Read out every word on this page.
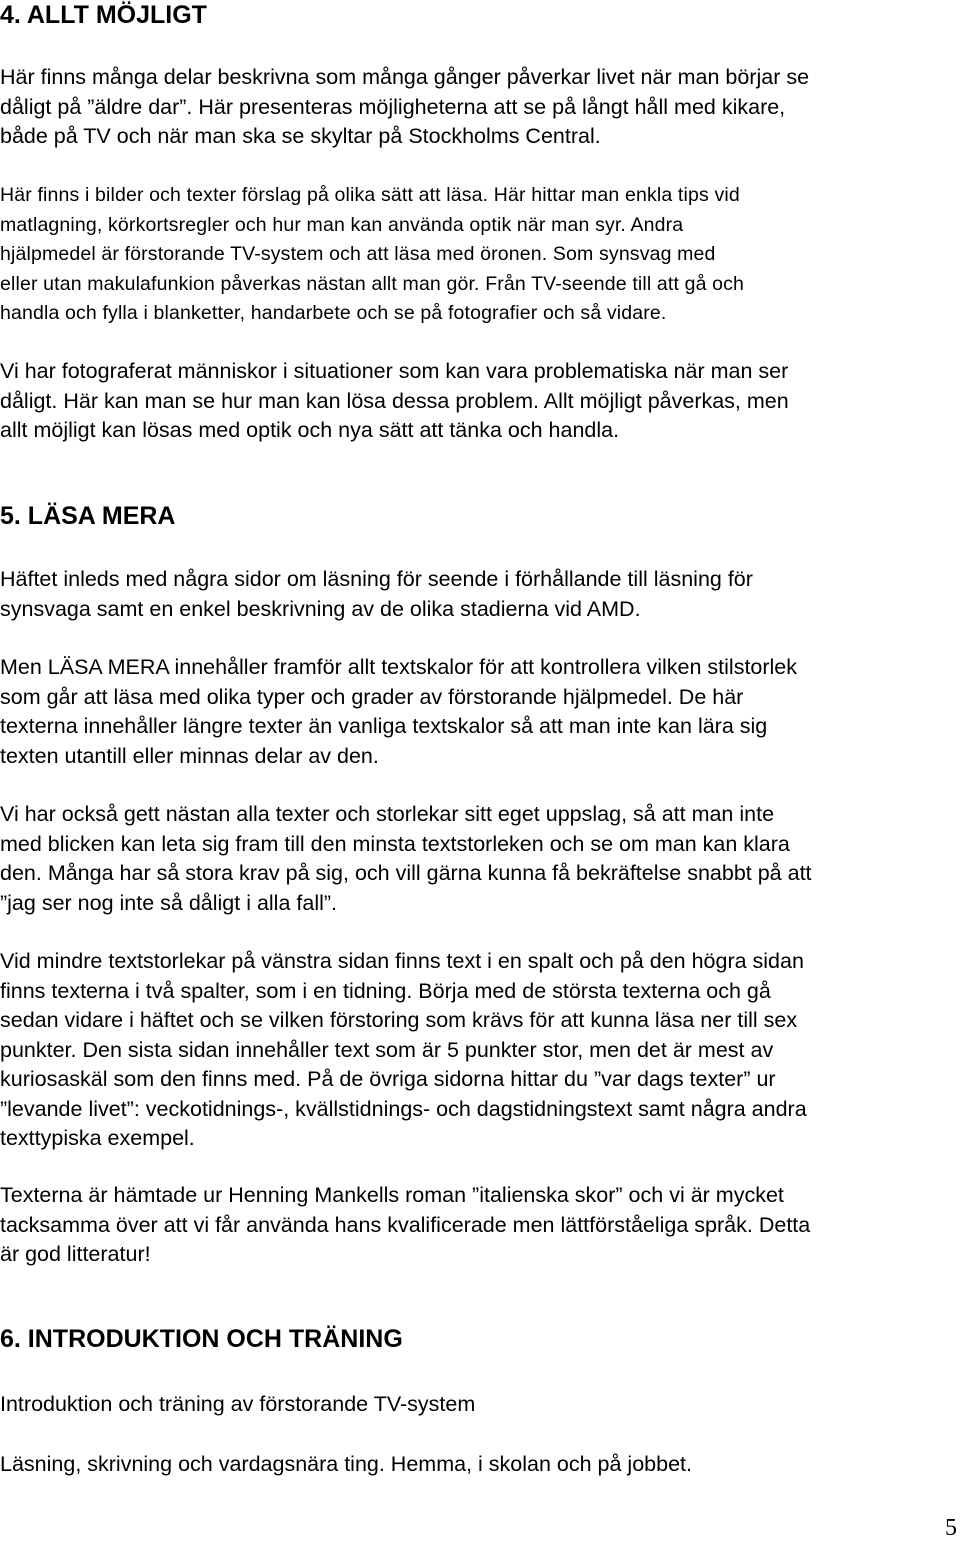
4. ALLT MÖJLIGT

Här finns många delar beskrivna som många gånger påverkar livet när man börjar se
dåligt på ”äldre dar”. Här presenteras möjligheterna att se på långt håll med kikare,
både på TV och när man ska se skyltar på Stockholms Central.

Här finns i bilder och texter förslag på olika sätt att läsa. Här hittar man enkla tips vid
matlagning, körkortsregler och hur man kan använda optik när man syr. Andra
hjälpmedel är förstorande TV-system och att läsa med öronen. Som synsvag med
eller utan makulafunkion påverkas nästan allt man gör. Från TV-seende till att gå och
handla och fylla i blanketter, handarbete och se på fotografier och så vidare.

Vi har fotograferat människor i situationer som kan vara problematiska när man ser
dåligt. Här kan man se hur man kan lösa dessa problem. Allt möjligt påverkas, men
allt möjligt kan lösas med optik och nya sätt att tänka och handla.

5. LÄSA MERA

Häftet inleds med några sidor om läsning för seende i förhållande till läsning för
synsvaga samt en enkel beskrivning av de olika stadierna vid AMD.

Men LÄSA MERA innehåller framför allt textskalor för att kontrollera vilken stilstorlek
som går att läsa med olika typer och grader av förstorande hjälpmedel. De här
texterna innehåller längre texter än vanliga textskalor så att man inte kan lära sig
texten utantill eller minnas delar av den.

Vi har också gett nästan alla texter och storlekar sitt eget uppslag, så att man inte
med blicken kan leta sig fram till den minsta textstorleken och se om man kan klara
den. Många har så stora krav på sig, och vill gärna kunna få bekräftelse snabbt på att
”jag ser nog inte så dåligt i alla fall”.

Vid mindre textstorlekar på vänstra sidan finns text i en spalt och på den högra sidan
finns texterna i två spalter, som i en tidning. Börja med de största texterna och gå
sedan vidare i häftet och se vilken förstoring som krävs för att kunna läsa ner till sex
punkter. Den sista sidan innehåller text som är 5 punkter stor, men det är mest av
kuriosaskäl som den finns med. På de övriga sidorna hittar du ”var dags texter” ur
”levande livet”: veckotidnings-, kvällstidnings- och dagstidningstext samt några andra
texttypiska exempel.

Texterna är hämtade ur Henning Mankells roman ”italienska skor” och vi är mycket
tacksamma över att vi får använda hans kvalificerade men lättförståeliga språk. Detta
är god litteratur!

6. INTRODUKTION OCH TRÄNING

Introduktion och träning av förstorande TV-system

Läsning, skrivning och vardagsnära ting. Hemma, i skolan och på jobbet.

5
